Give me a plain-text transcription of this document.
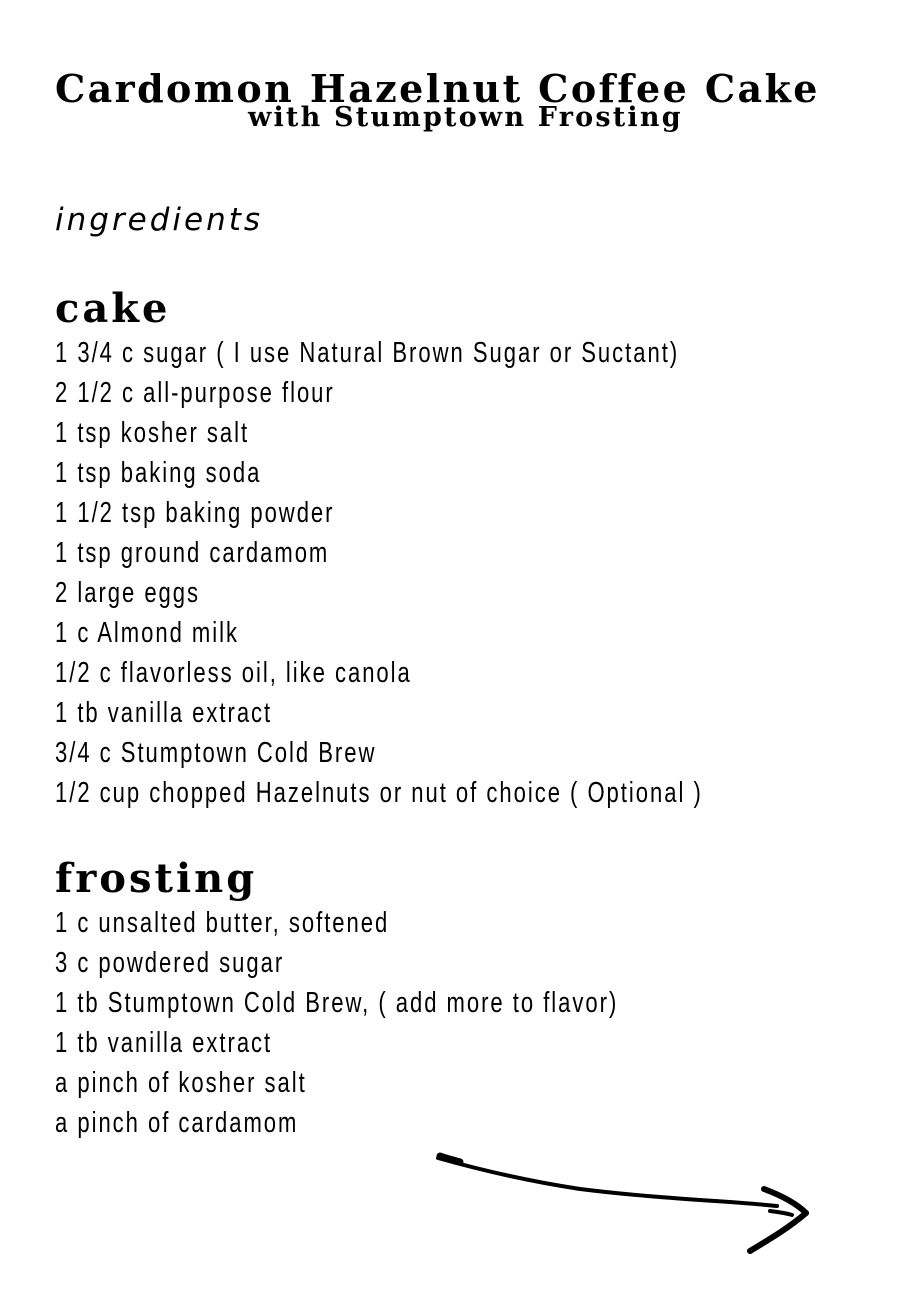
Cardomon Hazelnut Coffee Cake
with Stumptown Frosting
ingredients
cake
1 3/4 c sugar ( I use Natural Brown Sugar or Suctant)
2 1/2 c all-purpose flour
1 tsp kosher salt
1 tsp baking soda
1 1/2 tsp baking powder
1 tsp ground cardamom
2 large eggs
1 c Almond milk
1/2 c flavorless oil, like canola
1 tb vanilla extract
3/4 c Stumptown Cold Brew
1/2 cup chopped Hazelnuts or nut of choice ( Optional )
frosting
1 c unsalted butter, softened
3 c powdered sugar
1 tb Stumptown Cold Brew, ( add more to flavor)
1 tb vanilla extract
a pinch of kosher salt
a pinch of cardamom
